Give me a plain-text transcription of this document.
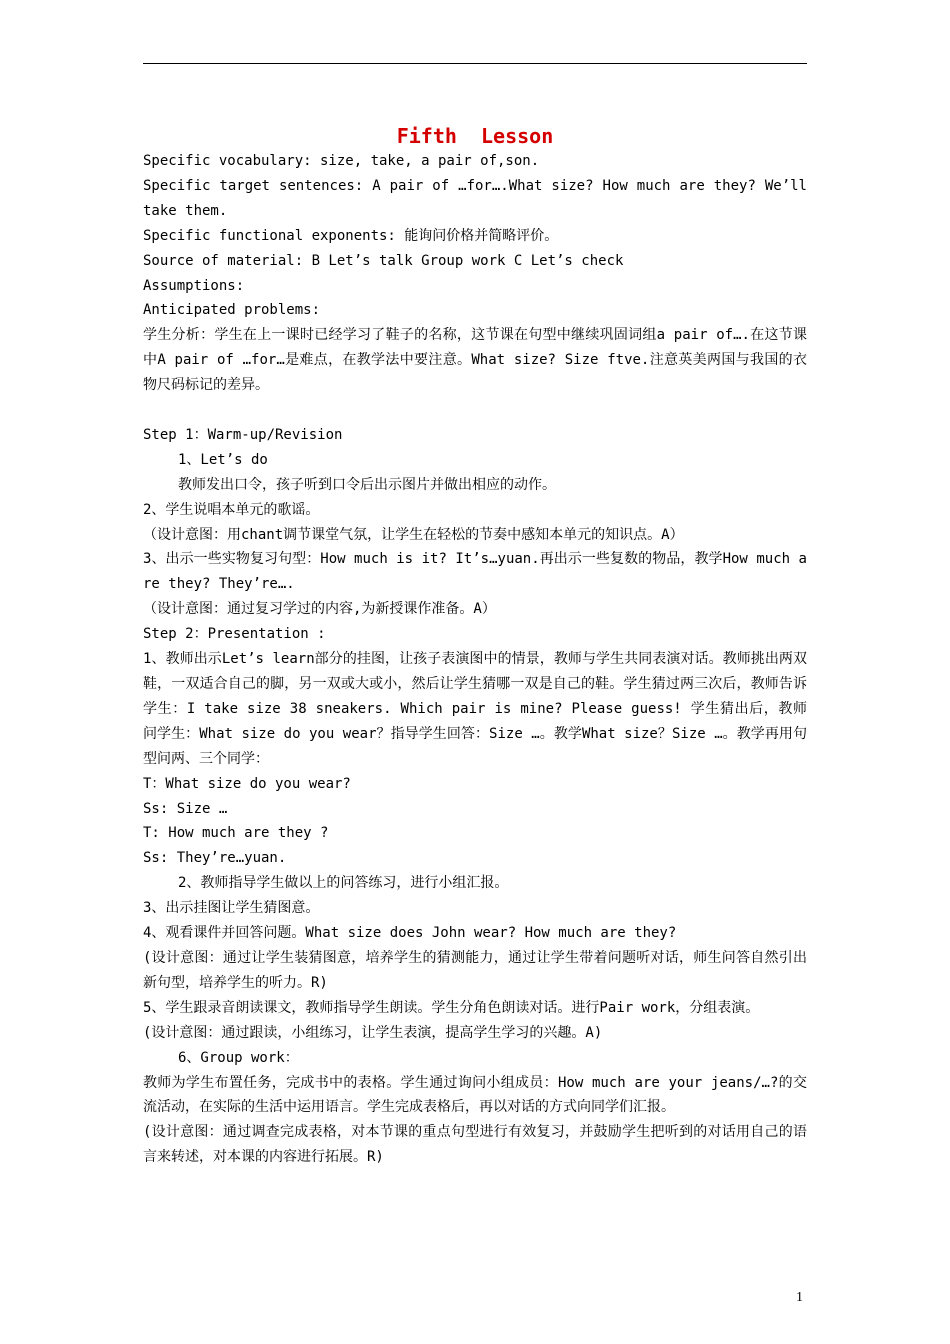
Fifth  Lesson

Specific vocabulary: size, take, a pair of,son.

Specific target sentences: A pair of …for….What size? How much are they? We’ll take them.

Specific functional exponents: 能询问价格并简略评价。

Source of material: B Let’s talk Group work C Let’s check

Assumptions:

Anticipated problems:

学生分析：学生在上一课时已经学习了鞋子的名称，这节课在句型中继续巩固词组a pair of….在这节课中A pair of …for…是难点，在教学法中要注意。What size? Size ftve.注意英美两国与我国的衣物尺码标记的差异。

Step 1：Warm-up/Revision

1、Let’s do

教师发出口令，孩子听到口令后出示图片并做出相应的动作。

2、学生说唱本单元的歌谣。

（设计意图：用chant调节课堂气氛，让学生在轻松的节奏中感知本单元的知识点。A）

3、出示一些实物复习句型：How much is it? It’s…yuan.再出示一些复数的物品，教学How much are they? They’re….

（设计意图：通过复习学过的内容,为新授课作准备。A）

Step 2：Presentation :

1、教师出示Let’s learn部分的挂图，让孩子表演图中的情景，教师与学生共同表演对话。教师挑出两双鞋，一双适合自己的脚，另一双或大或小，然后让学生猜哪一双是自己的鞋。学生猜过两三次后，教师告诉学生：I take size 38 sneakers. Which pair is mine? Please guess! 学生猜出后，教师问学生：What size do you wear？指导学生回答：Size …。教学What size？Size …。教学再用句型问两、三个同学：

T：What size do you wear?

Ss: Size …

T: How much are they ?

Ss: They’re…yuan.

2、教师指导学生做以上的问答练习，进行小组汇报。

3、出示挂图让学生猜图意。

4、观看课件并回答问题。What size does John wear? How much are they?

(设计意图：通过让学生装猜图意，培养学生的猜测能力，通过让学生带着问题听对话，师生问答自然引出新句型，培养学生的听力。R)

5、学生跟录音朗读课文，教师指导学生朗读。学生分角色朗读对话。进行Pair work，分组表演。

(设计意图：通过跟读，小组练习，让学生表演，提高学生学习的兴趣。A)

6、Group work：

教师为学生布置任务，完成书中的表格。学生通过询问小组成员：How much are your jeans/…?的交流活动，在实际的生活中运用语言。学生完成表格后，再以对话的方式向同学们汇报。

(设计意图：通过调查完成表格，对本节课的重点句型进行有效复习，并鼓励学生把听到的对话用自己的语言来转述，对本课的内容进行拓展。R)

1
